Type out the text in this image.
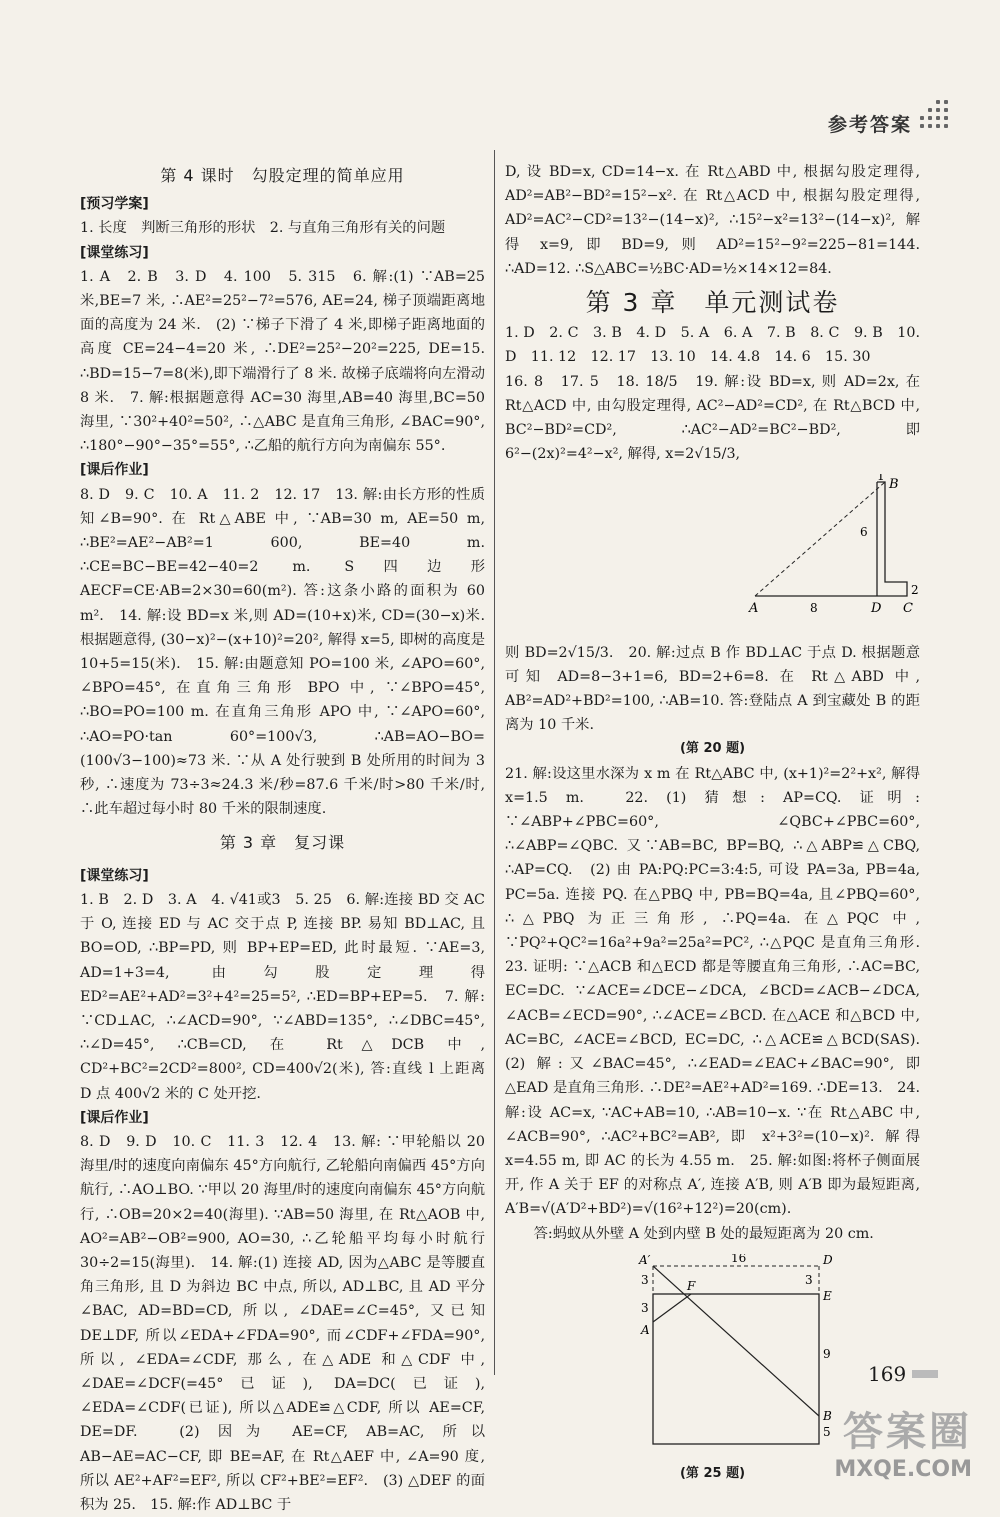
参考答案
第 4 课时　勾股定理的简单应用
[预习学案]

1. 长度　判断三角形的形状　2. 与直角三角形有关的问题

[课堂练习]

1. A　2. B　3. D　4. 100　5. 315　6. 解:(1) ∵AB=25 米,BE=7 米, ∴AE²=25²−7²=576, AE=24, 梯子顶端距离地面的高度为 24 米.　(2) ∵梯子下滑了 4 米,即梯子距离地面的高度 CE=24−4=20 米, ∴DE²=25²−20²=225, DE=15. ∴BD=15−7=8(米),即下端滑行了 8 米. 故梯子底端将向左滑动 8 米.　7. 解:根据题意得 AC=30 海里,AB=40 海里,BC=50 海里, ∵30²+40²=50², ∴△ABC 是直角三角形, ∠BAC=90°, ∴180°−90°−35°=55°, ∴乙船的航行方向为南偏东 55°.

[课后作业]

8. D　9. C　10. A　11. 2　12. 17　13. 解:由长方形的性质知∠B=90°. 在 Rt△ABE 中, ∵AB=30 m, AE=50 m, ∴BE²=AE²−AB²=1 600, BE=40 m. ∴CE=BC−BE=42−40=2 m. S四边形AECF=CE·AB=2×30=60(m²). 答:这条小路的面积为 60 m².　14. 解:设 BD=x 米,则 AD=(10+x)米, CD=(30−x)米. 根据题意得, (30−x)²−(x+10)²=20², 解得 x=5, 即树的高度是 10+5=15(米).　15. 解:由题意知 PO=100 米, ∠APO=60°, ∠BPO=45°, 在直角三角形 BPO 中, ∵∠BPO=45°, ∴BO=PO=100 m. 在直角三角形 APO 中, ∵∠APO=60°, ∴AO=PO·tan 60°=100√3, ∴AB=AO−BO=(100√3−100)≈73 米. ∵从 A 处行驶到 B 处所用的时间为 3 秒, ∴速度为 73÷3≈24.3 米/秒=87.6 千米/时>80 千米/时, ∴此车超过每小时 80 千米的限制速度.

第 3 章　复习课
[课堂练习]

1. B　2. D　3. A　4. √41或3　5. 25　6. 解:连接 BD 交 AC 于 O, 连接 ED 与 AC 交于点 P, 连接 BP. 易知 BD⊥AC, 且 BO=OD, ∴BP=PD, 则 BP+EP=ED, 此时最短. ∵AE=3, AD=1+3=4, 由勾股定理得 ED²=AE²+AD²=3²+4²=25=5², ∴ED=BP+EP=5.　7. 解: ∵CD⊥AC, ∴∠ACD=90°, ∵∠ABD=135°, ∴∠DBC=45°, ∴∠D=45°, ∴CB=CD, 在 Rt△DCB 中, CD²+BC²=2CD²=800², CD=400√2(米), 答:直线 l 上距离 D 点 400√2 米的 C 处开挖.

[课后作业]

8. D　9. D　10. C　11. 3　12. 4　13. 解: ∵甲轮船以 20 海里/时的速度向南偏东 45°方向航行, 乙轮船向南偏西 45°方向航行, ∴AO⊥BO. ∵甲以 20 海里/时的速度向南偏东 45°方向航行, ∴OB=20×2=40(海里). ∵AB=50 海里, 在 Rt△AOB 中, AO²=AB²−OB²=900, AO=30, ∴乙轮船平均每小时航行 30÷2=15(海里).　14. 解:(1) 连接 AD, 因为△ABC 是等腰直角三角形, 且 D 为斜边 BC 中点, 所以, AD⊥BC, 且 AD 平分∠BAC, AD=BD=CD, 所以, ∠DAE=∠C=45°, 又已知 DE⊥DF, 所以∠EDA+∠FDA=90°, 而∠CDF+∠FDA=90°, 所以, ∠EDA=∠CDF, 那么, 在△ADE 和△CDF 中, ∠DAE=∠DCF(=45°已证), DA=DC(已证), ∠EDA=∠CDF(已证), 所以△ADE≌△CDF, 所以 AE=CF, DE=DF.　(2) 因为 AE=CF, AB=AC, 所以 AB−AE=AC−CF, 即 BE=AF, 在 Rt△AEF 中, ∠A=90 度, 所以 AE²+AF²=EF², 所以 CF²+BE²=EF².　(3) △DEF 的面积为 25.　15. 解:作 AD⊥BC 于

D, 设 BD=x, CD=14−x. 在 Rt△ABD 中, 根据勾股定理得, AD²=AB²−BD²=15²−x². 在 Rt△ACD 中, 根据勾股定理得, AD²=AC²−CD²=13²−(14−x)², ∴15²−x²=13²−(14−x)², 解得 x=9, 即 BD=9, 则 AD²=15²−9²=225−81=144. ∴AD=12. ∴S△ABC=½BC·AD=½×14×12=84.

第 3 章　单元测试卷

1. D　2. C　3. B　4. D　5. A　6. A　7. B　8. C　9. B　10. D　11. 12　12. 17　13. 10　14. 4.8　14. 6　15. 30

16. 8　17. 5　18. 18/5　19. 解:设 BD=x, 则 AD=2x, 在 Rt△ACD 中, 由勾股定理得, AC²−AD²=CD², 在 Rt△BCD 中, BC²−BD²=CD², ∴AC²−AD²=BC²−BD², 即 6²−(2x)²=4²−x², 解得, x=2√15/3,

A
B
D C
1
6
2
8

则 BD=2√15/3.　20. 解:过点 B 作 BD⊥AC 于点 D. 根据题意可知 AD=8−3+1=6, BD=2+6=8. 在 Rt△ABD 中, AB²=AD²+BD²=100, ∴AB=10. 答:登陆点 A 到宝藏处 B 的距离为 10 千米.

(第 20 题)

21. 解:设这里水深为 x m 在 Rt△ABC 中, (x+1)²=2²+x², 解得 x=1.5 m.　22. (1) 猜想: AP=CQ. 证明: ∵∠ABP+∠PBC=60°, ∠QBC+∠PBC=60°, ∴∠ABP=∠QBC. 又∵AB=BC, BP=BQ, ∴△ABP≌△CBQ, ∴AP=CQ.　(2) 由 PA:PQ:PC=3:4:5, 可设 PA=3a, PB=4a, PC=5a. 连接 PQ. 在△PBQ 中, PB=BQ=4a, 且∠PBQ=60°, ∴△PBQ 为正三角形, ∴PQ=4a. 在△PQC 中, ∵PQ²+QC²=16a²+9a²=25a²=PC², ∴△PQC 是直角三角形.　23. 证明: ∵△ACB 和△ECD 都是等腰直角三角形, ∴AC=BC, EC=DC. ∵∠ACE=∠DCE−∠DCA, ∠BCD=∠ACB−∠DCA, ∠ACB=∠ECD=90°, ∴∠ACE=∠BCD. 在△ACE 和△BCD 中, AC=BC, ∠ACE=∠BCD, EC=DC, ∴△ACE≌△BCD(SAS).　(2) 解:又∠BAC=45°, ∴∠EAD=∠EAC+∠BAC=90°, 即△EAD 是直角三角形. ∴DE²=AE²+AD²=169. ∴DE=13.　24. 解:设 AC=x, ∵AC+AB=10, ∴AB=10−x. ∵在 Rt△ABC 中, ∠ACB=90°, ∴AC²+BC²=AB², 即 x²+3²=(10−x)². 解得 x=4.55 m, 即 AC 的长为 4.55 m.　25. 解:如图:将杯子侧面展开, 作 A 关于 EF 的对称点 A′, 连接 A′B, 则 A′B 即为最短距离, A′B=√(A′D²+BD²)=√(16²+12²)=20(cm).

答:蚂蚁从外壁 A 处到内壁 B 处的最短距离为 20 cm.

A′	D
E
F
A
B
16
3
3
3
9
5
(第 25 题)
169
答案圈
MXQE.COM
